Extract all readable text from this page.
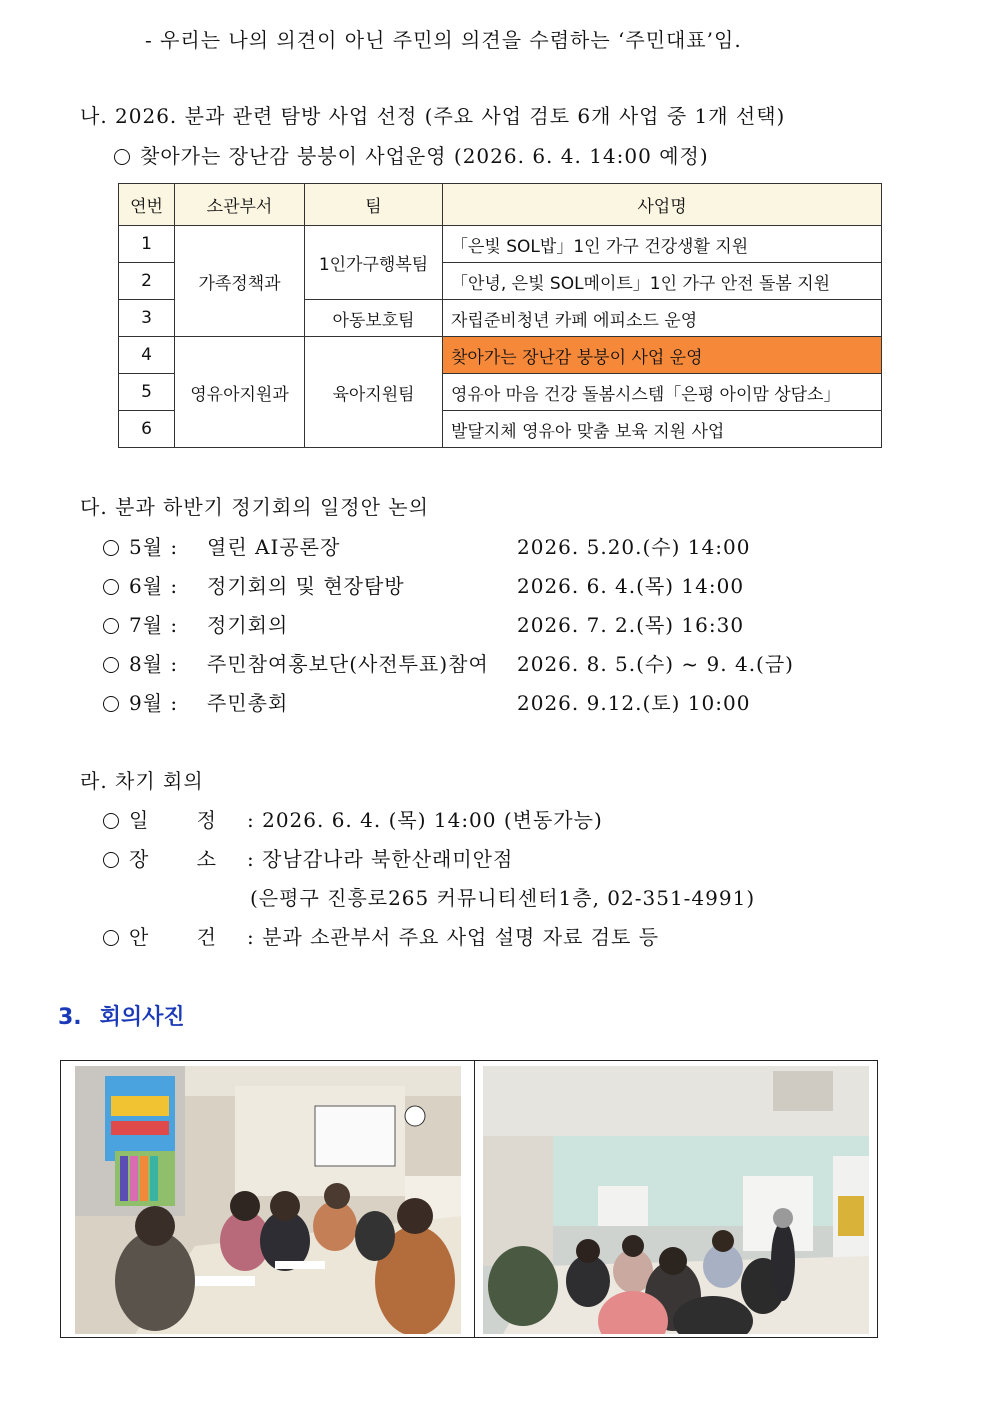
- 우리는 나의 의견이 아닌 주민의 의견을 수렴하는 ‘주민대표’임.
나. 2026. 분과 관련 탐방 사업 선정 (주요 사업 검토 6개 사업 중 1개 선택)
찾아가는 장난감 붕붕이 사업운영 (2026. 6. 4. 14:00 예정)
연번	소관부서	팀	사업명
1	가족정책과	1인가구행복팀	「은빛 SOL밥」1인 가구 건강생활 지원
2			「안녕, 은빛 SOL메이트」1인 가구 안전 돌봄 지원
3		아동보호팀	자립준비청년 카페 에피소드 운영
4	영유아지원과	육아지원팀	찾아가는 장난감 붕붕이 사업 운영
5			영유아 마음 건강 돌봄시스템「은평 아이맘 상담소」
6			발달지체 영유아 맞춤 보육 지원 사업
다. 분과 하반기 정기회의 일정안 논의
5월 : 열린 AI공론장	2026. 5.20.(수) 14:00
6월 : 정기회의 및 현장탐방	2026. 6. 4.(목) 14:00
7월 : 정기회의	2026. 7. 2.(목) 16:30
8월 : 주민참여홍보단(사전투표)참여 2026. 8. 5.(수) ~ 9. 4.(금)
9월 : 주민총회	2026. 9.12.(토) 10:00
라. 차기 회의
일 정 : 2026. 6. 4. (목) 14:00 (변동가능)
장 소 : 장남감나라 북한산래미안점
(은평구 진흥로265 커뮤니티센터1층, 02-351-4991)
안 건 : 분과 소관부서 주요 사업 설명 자료 검토 등
3. 회의사진
